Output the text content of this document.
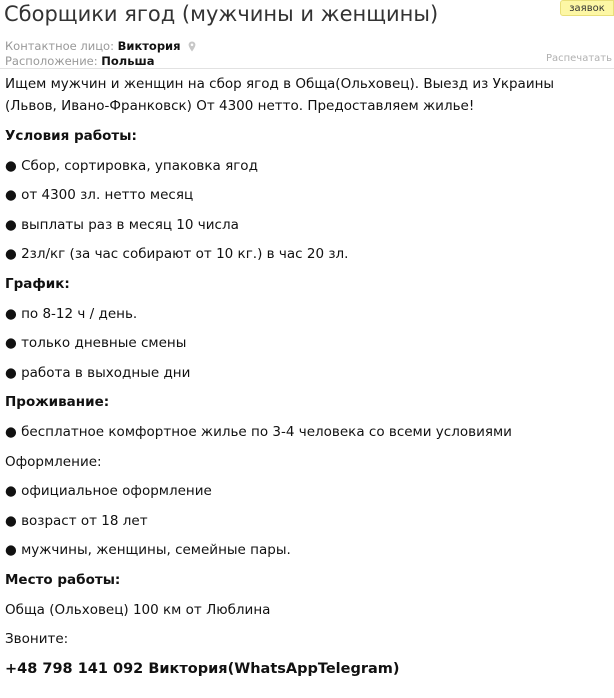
Сборщики ягод (мужчины и женщины)	заявок
Контактное лицо: Виктория
Расположение: Польша	Распечатать
Ищем мужчин и женщин на сбор ягод в Обща(Ольховец). Выезд из Украины (Львов, Ивано-Франковск) От 4300 нетто. Предоставляем жилье!
Условия работы:
● Сбор, сортировка, упаковка ягод
● от 4300 зл. нетто месяц
● выплаты раз в месяц 10 числа
● 2зл/кг (за час собирают от 10 кг.) в час 20 зл.
График:
● по 8-12 ч / день.
● только дневные смены
● работа в выходные дни
Проживание:
● бесплатное комфортное жилье по 3-4 человека со всеми условиями
Оформление:
● официальное оформление
● возраст от 18 лет
● мужчины, женщины, семейные пары.
Место работы:
Обща (Ольховец) 100 км от Люблина
Звоните:
+48 798 141 092 Виктория(WhatsAppTelegram)
